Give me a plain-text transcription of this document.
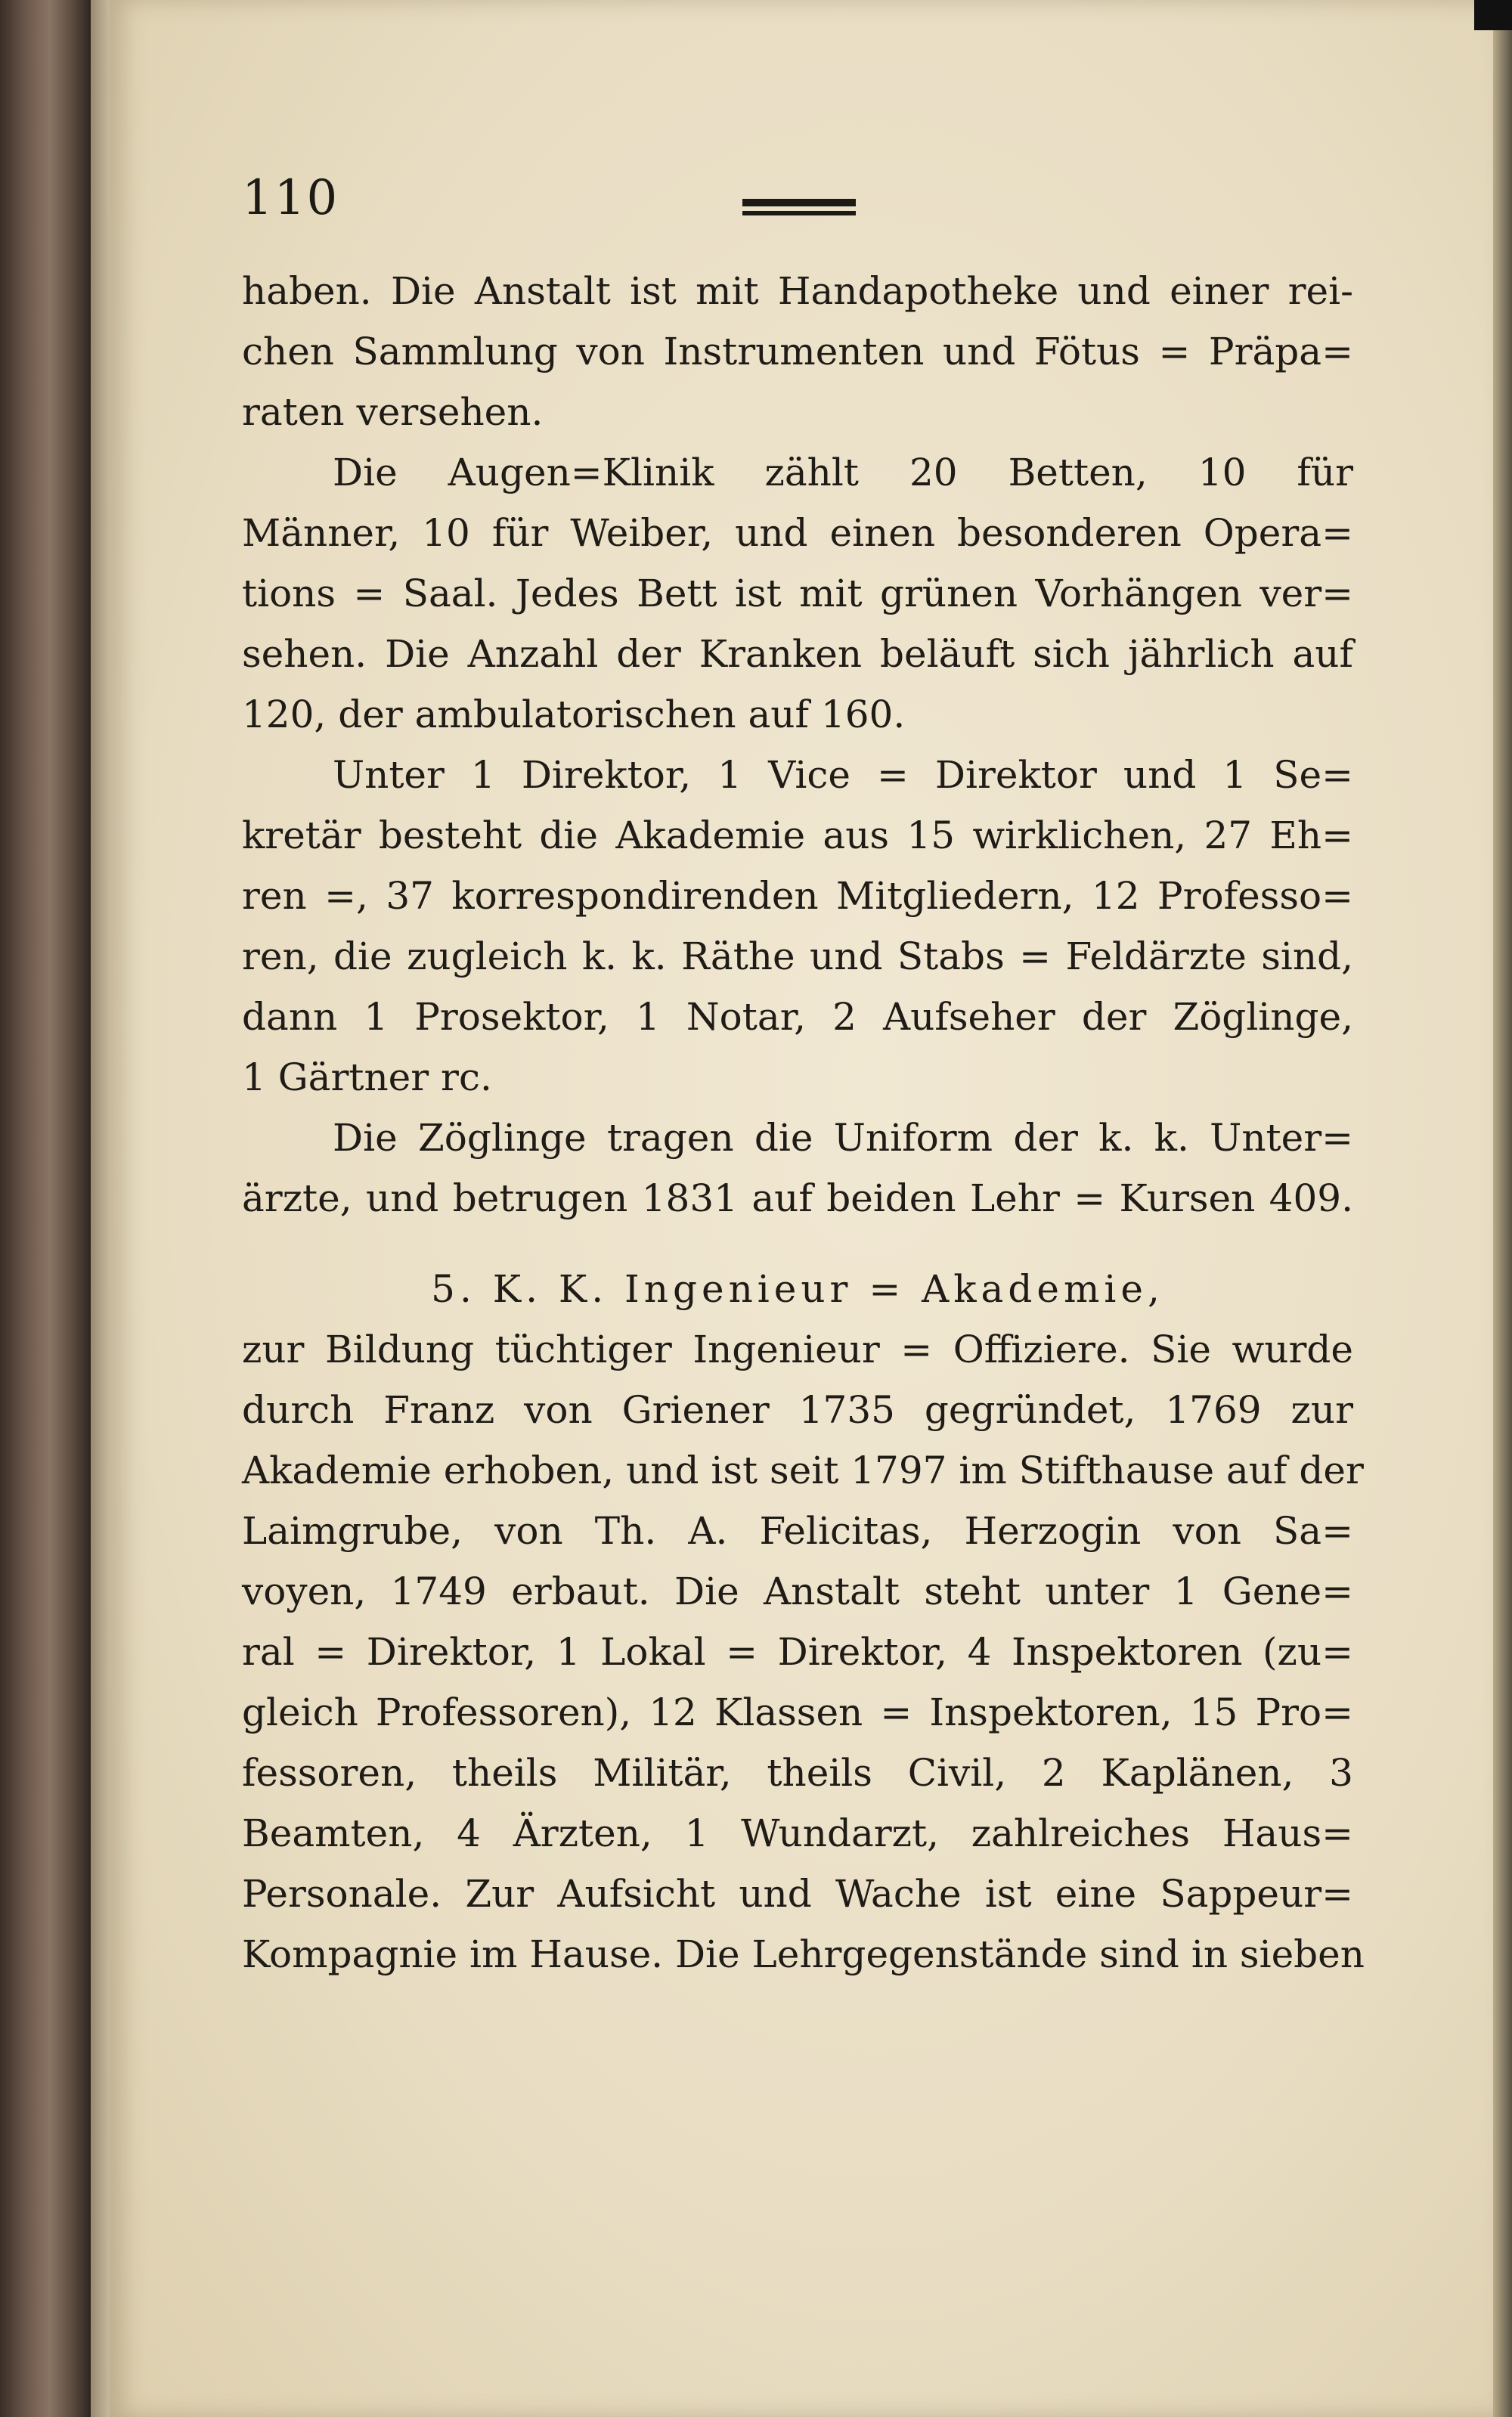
110
haben. Die Anstalt ist mit Handapotheke und einer rei-
chen Sammlung von Instrumenten und Fötus = Präpa=
raten versehen.
Die Augen=Klinik zählt 20 Betten, 10 für
Männer, 10 für Weiber, und einen besonderen Opera=
tions = Saal. Jedes Bett ist mit grünen Vorhängen ver=
sehen. Die Anzahl der Kranken beläuft sich jährlich auf
120, der ambulatorischen auf 160.
Unter 1 Direktor, 1 Vice = Direktor und 1 Se=
kretär besteht die Akademie aus 15 wirklichen, 27 Eh=
ren =, 37 korrespondirenden Mitgliedern, 12 Professo=
ren, die zugleich k. k. Räthe und Stabs = Feldärzte sind,
dann 1 Prosektor, 1 Notar, 2 Aufseher der Zöglinge,
1 Gärtner rc.
Die Zöglinge tragen die Uniform der k. k. Unter=
ärzte, und betrugen 1831 auf beiden Lehr = Kursen 409.
5. K. K. Ingenieur = Akademie,
zur Bildung tüchtiger Ingenieur = Offiziere. Sie wurde
durch Franz von Griener 1735 gegründet, 1769 zur
Akademie erhoben, und ist seit 1797 im Stifthause auf der
Laimgrube, von Th. A. Felicitas, Herzogin von Sa=
voyen, 1749 erbaut. Die Anstalt steht unter 1 Gene=
ral = Direktor, 1 Lokal = Direktor, 4 Inspektoren (zu=
gleich Professoren), 12 Klassen = Inspektoren, 15 Pro=
fessoren, theils Militär, theils Civil, 2 Kaplänen, 3
Beamten, 4 Ärzten, 1 Wundarzt, zahlreiches Haus=
Personale. Zur Aufsicht und Wache ist eine Sappeur=
Kompagnie im Hause. Die Lehrgegenstände sind in sieben
